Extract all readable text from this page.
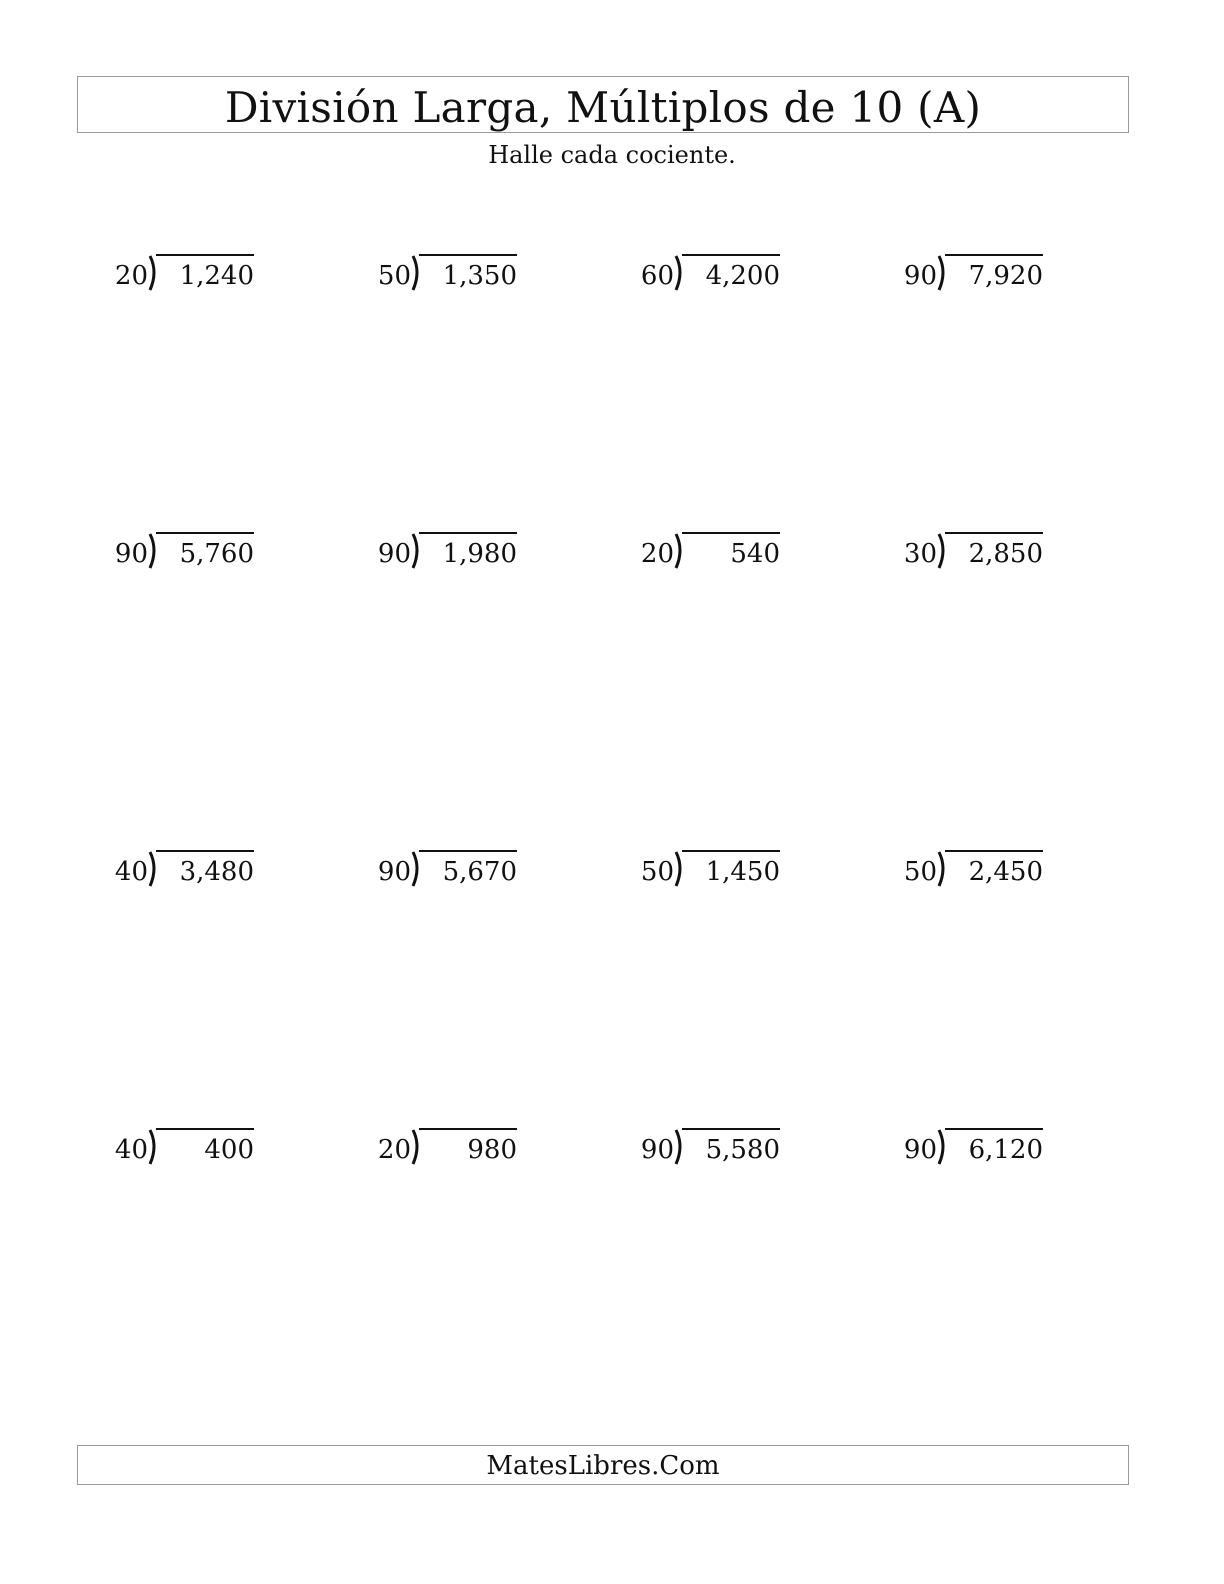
División Larga, Múltiplos de 10 (A)
Halle cada cociente.
20	1,240	50	1,350	60	4,200	90	7,920
90	5,760	90	1,980	20	540	30	2,850
40	3,480	90	5,670	50	1,450	50	2,450
40	400	20	980	90	5,580	90	6,120
MatesLibres.Com
